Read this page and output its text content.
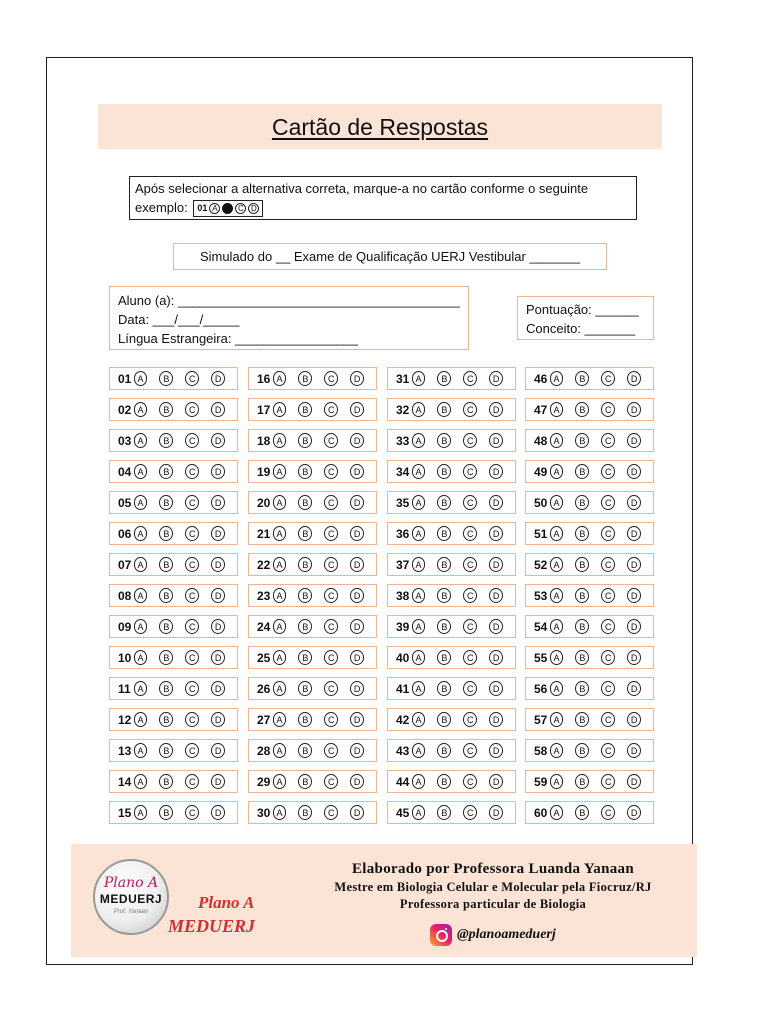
Cartão de Respostas
Após selecionar a alternativa correta, marque-a no cartão conforme o seguinte
exemplo: 01 A	C D
Simulado do __ Exame de Qualificação UERJ Vestibular _______
Aluno (a): _______________________________________
Data: ___/___/_____
Língua Estrangeira: _________________
Pontuação: ______
Conceito: _______
01 A	B	C	D
02 A	B	C	D
03 A	B	C	D
04 A	B	C	D
05 A	B	C	D
06 A	B	C	D
07 A	B	C	D
08 A	B	C	D
09 A	B	C	D
10 A	B	C	D
11 A	B	C	D
12 A	B	C	D
13 A	B	C	D
14 A	B	C	D
15 A	B	C	D
16 A	B	C	D
17 A	B	C	D
18 A	B	C	D
19 A	B	C	D
20 A	B	C	D
21 A	B	C	D
22 A	B	C	D
23 A	B	C	D
24 A	B	C	D
25 A	B	C	D
26 A	B	C	D
27 A	B	C	D
28 A	B	C	D
29 A	B	C	D
30 A	B	C	D
31 A	B	C	D
32 A	B	C	D
33 A	B	C	D
34 A	B	C	D
35 A	B	C	D
36 A	B	C	D
37 A	B	C	D
38 A	B	C	D
39 A	B	C	D
40 A	B	C	D
41 A	B	C	D
42 A	B	C	D
43 A	B	C	D
44 A	B	C	D
45 A	B	C	D
46 A	B	C	D
47 A	B	C	D
48 A	B	C	D
49 A	B	C	D
50 A	B	C	D
51 A	B	C	D
52 A	B	C	D
53 A	B	C	D
54 A	B	C	D
55 A	B	C	D
56 A	B	C	D
57 A	B	C	D
58 A	B	C	D
59 A	B	C	D
60 A	B	C	D
Plano A
MEDUERJ
Prof. Yanaan	Plano A
MEDUERJ
Elaborado por Professora Luanda Yanaan
Mestre em Biologia Celular e Molecular pela Fiocruz/RJ
Professora particular de Biologia
@planoameduerj
